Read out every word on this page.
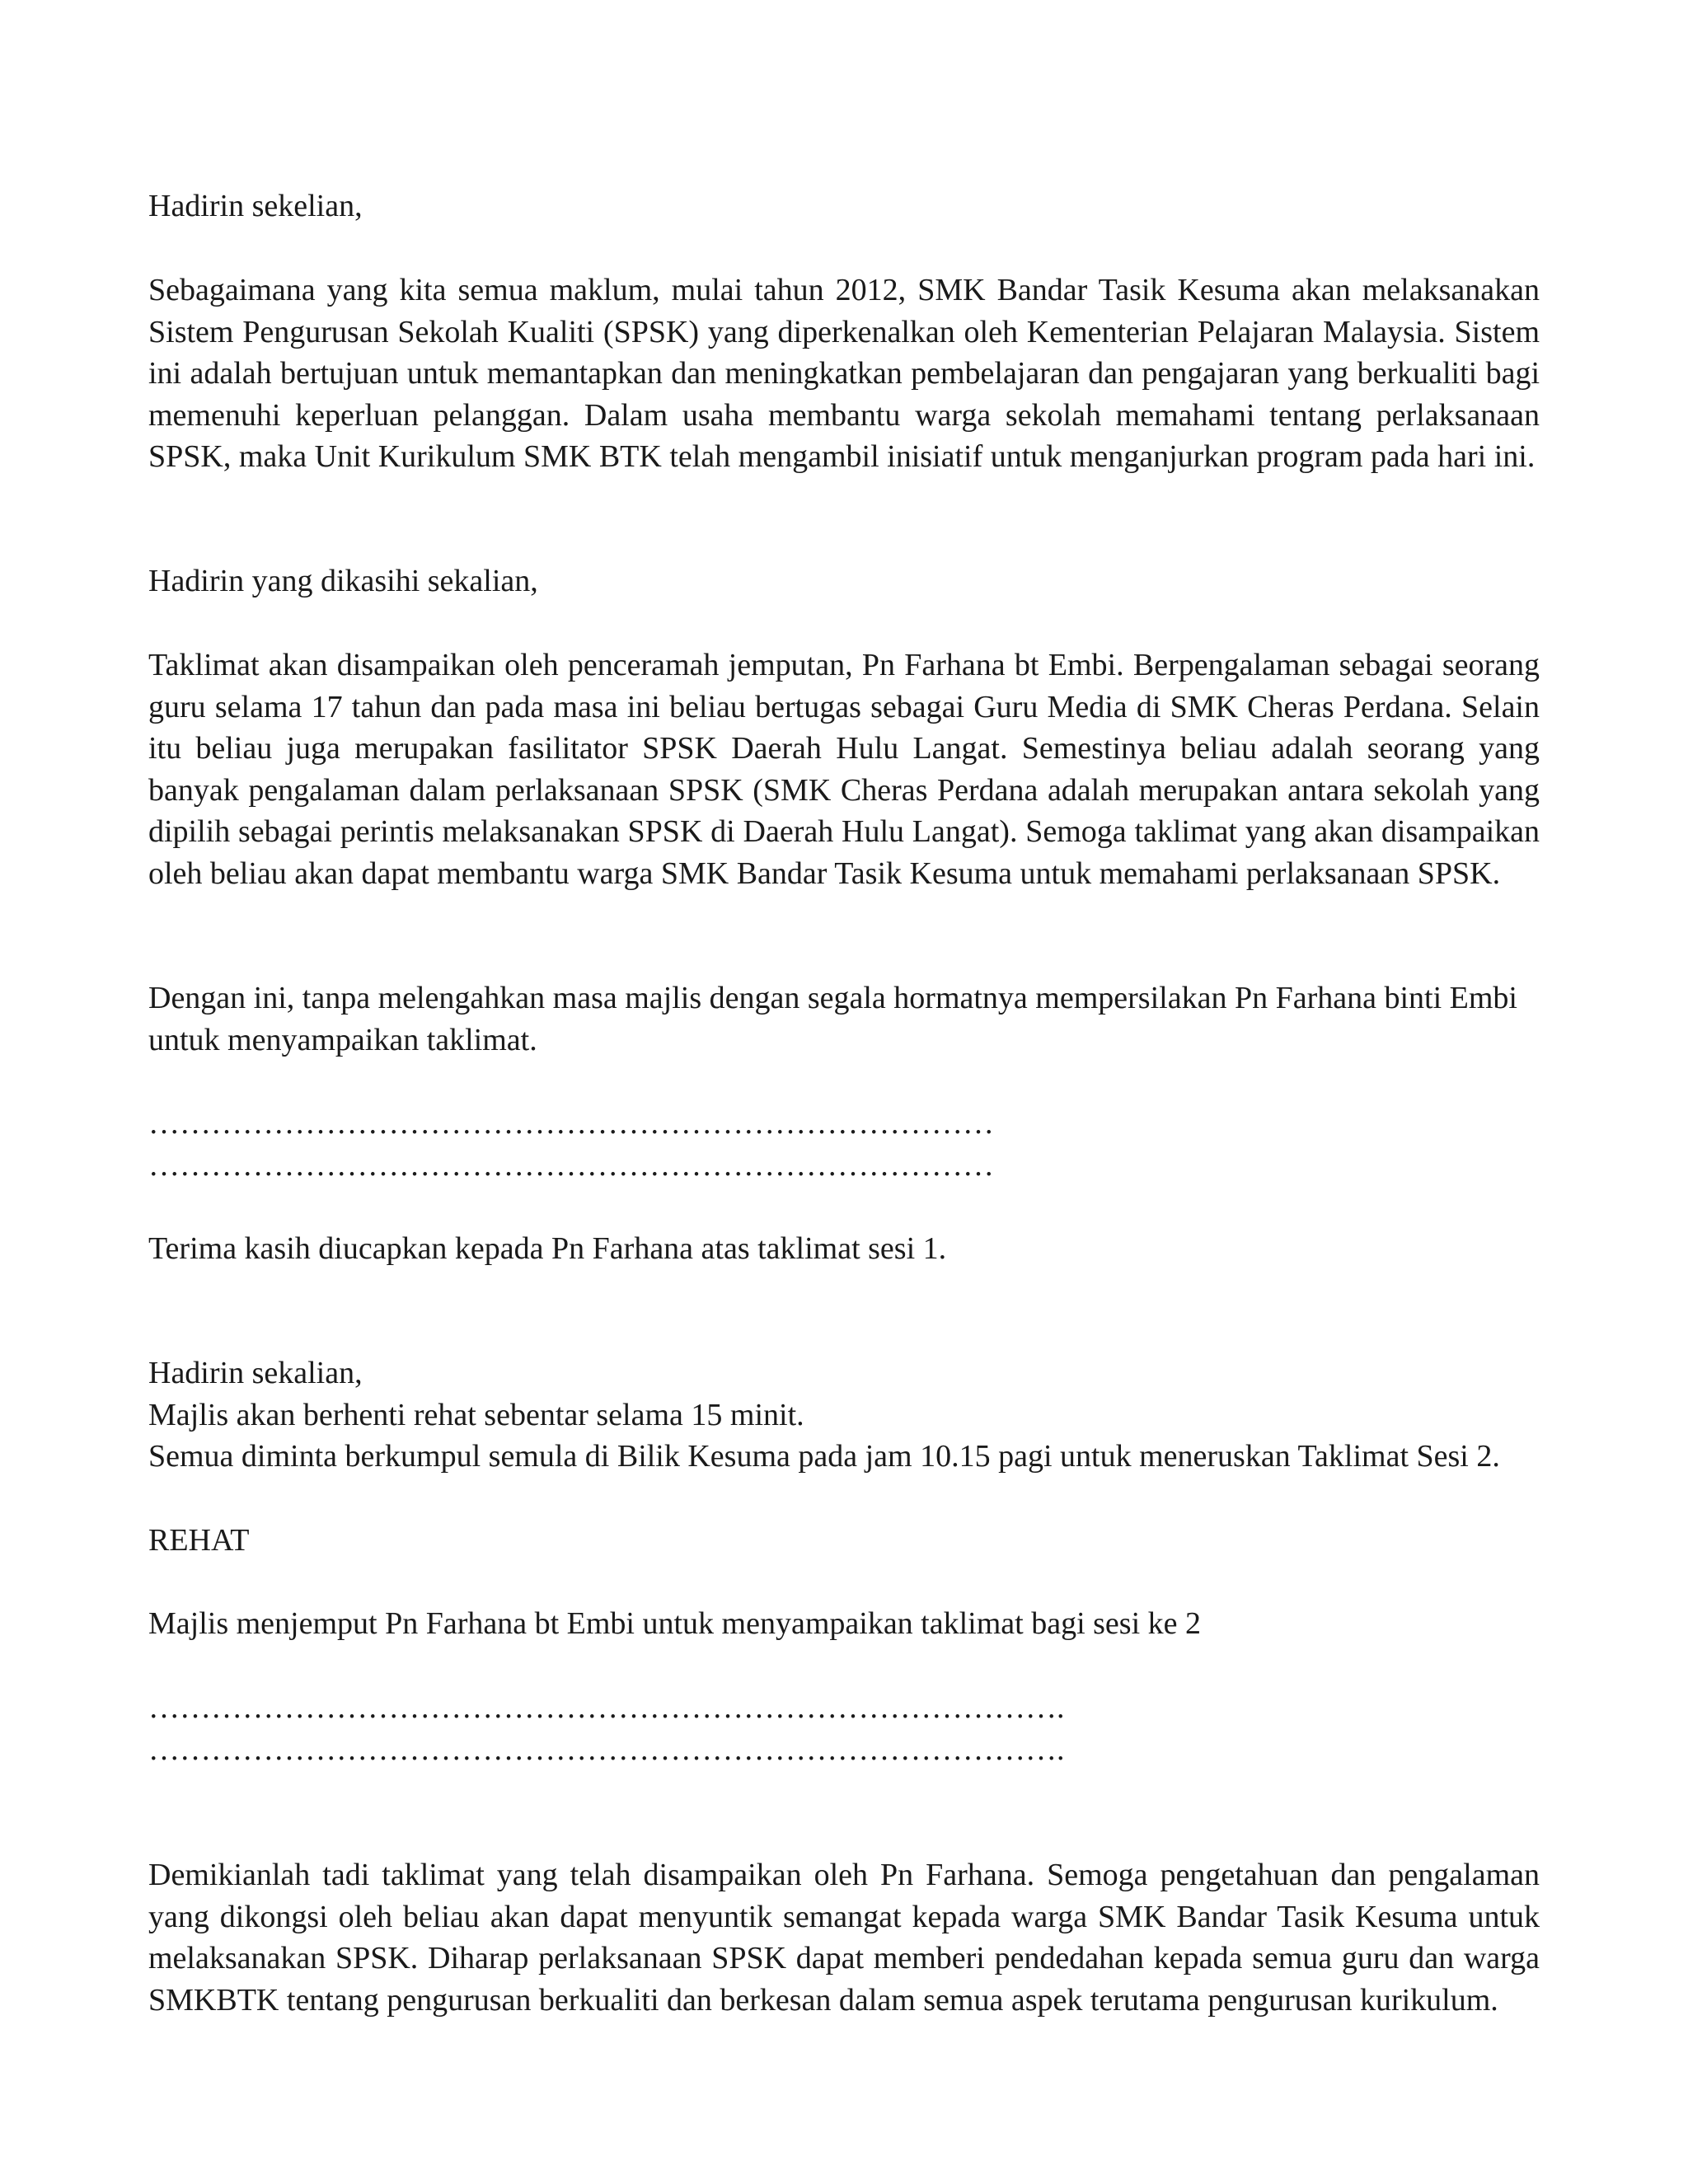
Hadirin sekelian,

Sebagaimana yang kita semua maklum, mulai tahun 2012, SMK Bandar Tasik Kesuma akan melaksanakan Sistem Pengurusan Sekolah Kualiti (SPSK) yang diperkenalkan oleh Kementerian Pelajaran Malaysia. Sistem ini adalah bertujuan untuk memantapkan dan meningkatkan pembelajaran dan pengajaran yang berkualiti bagi memenuhi keperluan pelanggan. Dalam usaha membantu warga sekolah memahami tentang perlaksanaan SPSK, maka Unit Kurikulum SMK BTK telah mengambil inisiatif untuk menganjurkan program pada hari ini.

Hadirin yang dikasihi sekalian,

Taklimat akan disampaikan oleh penceramah jemputan, Pn Farhana bt Embi. Berpengalaman sebagai seorang guru selama 17 tahun dan pada masa ini beliau bertugas sebagai Guru Media di SMK Cheras Perdana. Selain itu beliau juga merupakan fasilitator SPSK Daerah Hulu Langat. Semestinya beliau adalah seorang yang banyak pengalaman dalam perlaksanaan SPSK (SMK Cheras Perdana adalah merupakan antara sekolah yang dipilih sebagai perintis melaksanakan SPSK di Daerah Hulu Langat). Semoga taklimat yang akan disampaikan oleh beliau akan dapat membantu warga SMK Bandar Tasik Kesuma untuk memahami perlaksanaan SPSK.

Dengan ini, tanpa melengahkan masa majlis dengan segala hormatnya mempersilakan Pn Farhana binti Embi untuk menyampaikan taklimat.

………………………………………………………………………
………………………………………………………………………

Terima kasih diucapkan kepada Pn Farhana atas taklimat sesi 1.

Hadirin sekalian,
Majlis akan berhenti rehat sebentar selama 15 minit.
Semua diminta berkumpul semula di Bilik Kesuma pada jam 10.15 pagi untuk meneruskan Taklimat Sesi 2.

REHAT

Majlis menjemput Pn Farhana bt Embi untuk menyampaikan taklimat bagi sesi ke 2

…………………………………………………………………………….
…………………………………………………………………………….

Demikianlah tadi taklimat yang telah disampaikan oleh Pn Farhana. Semoga pengetahuan dan pengalaman yang dikongsi oleh beliau akan dapat menyuntik semangat kepada warga SMK Bandar Tasik Kesuma untuk melaksanakan SPSK. Diharap perlaksanaan SPSK dapat memberi pendedahan kepada semua guru dan warga SMKBTK tentang pengurusan berkualiti dan berkesan dalam semua aspek terutama pengurusan kurikulum.
